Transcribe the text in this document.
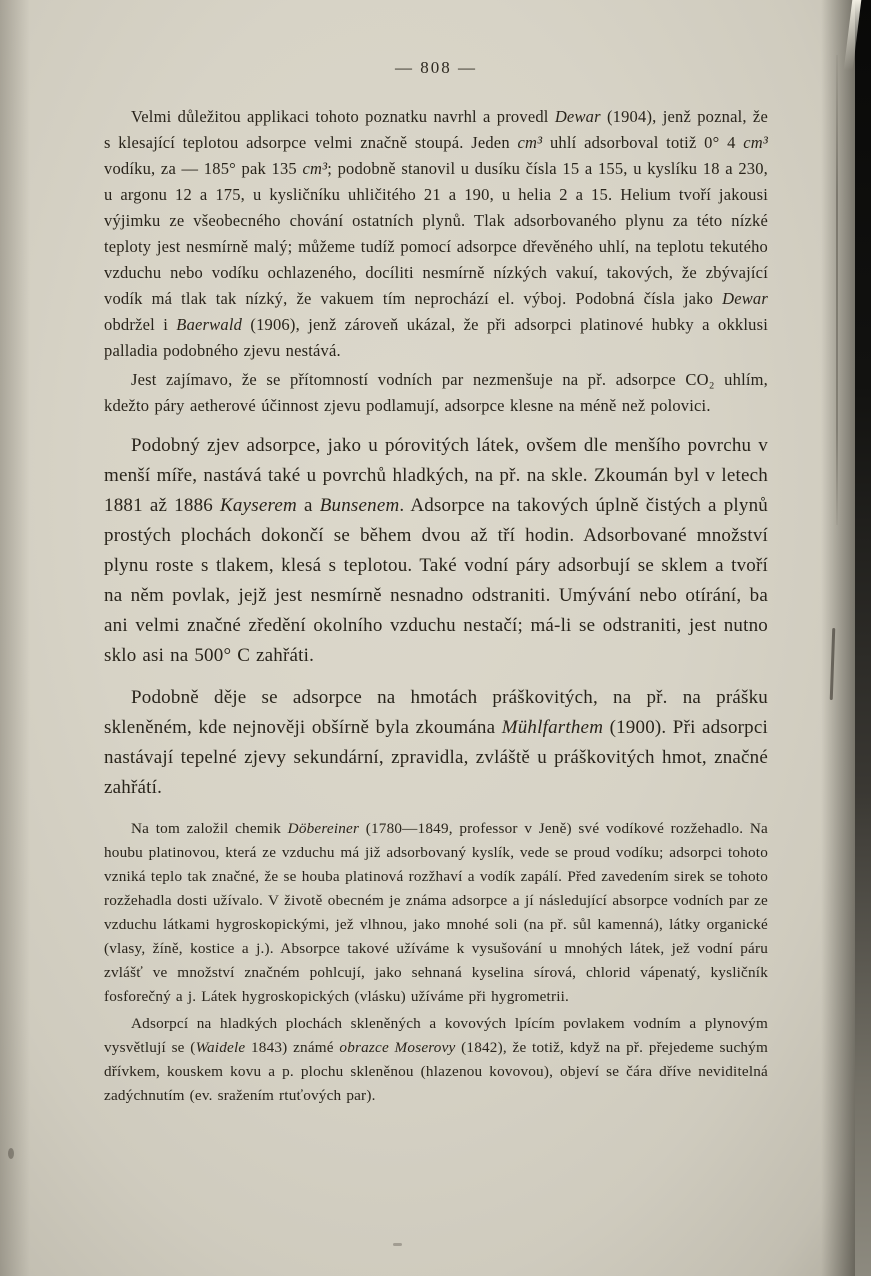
— 808 —

Velmi důležitou applikaci tohoto poznatku navrhl a provedl Dewar (1904), jenž poznal, že s klesající teplotou adsorpce velmi značně stoupá. Jeden cm³ uhlí adsorboval totiž 0° 4 cm³ vodíku, za — 185° pak 135 cm³; podobně stanovil u dusíku čísla 15 a 155, u kyslíku 18 a 230, u argonu 12 a 175, u kysličníku uhličitého 21 a 190, u helia 2 a 15. Helium tvoří jakousi výjimku ze všeobecného chování ostatních plynů. Tlak adsorbovaného plynu za této nízké teploty jest nesmírně malý; můžeme tudíž pomocí adsorpce dřevěného uhlí, na teplotu tekutého vzduchu nebo vodíku ochlazeného, docíliti nesmírně nízkých vakuí, takových, že zbývající vodík má tlak tak nízký, že vakuem tím neprochází el. výboj. Podobná čísla jako Dewar obdržel i Baerwald (1906), jenž zároveň ukázal, že při adsorpci platinové hubky a okklusi palladia podobného zjevu nestává.

Jest zajímavo, že se přítomností vodních par nezmenšuje na př. adsorpce CO₂ uhlím, kdežto páry aetherové účinnost zjevu podlamují, adsorpce klesne na méně než polovici.

Podobný zjev adsorpce, jako u pórovitých látek, ovšem dle menšího povrchu v menší míře, nastává také u povrchů hladkých, na př. na skle. Zkoumán byl v letech 1881 až 1886 Kayserem a Bunsenem. Adsorpce na takových úplně čistých a plynů prostých plochách dokončí se během dvou až tří hodin. Adsorbované množství plynu roste s tlakem, klesá s teplotou. Také vodní páry adsorbují se sklem a tvoří na něm povlak, jejž jest nesmírně nesnadno odstraniti. Umývání nebo otírání, ba ani velmi značné zředění okolního vzduchu nestačí; má-li se odstraniti, jest nutno sklo asi na 500° C zahřáti.

Podobně děje se adsorpce na hmotách práškovitých, na př. na prášku skleněném, kde nejnověji obšírně byla zkoumána Mühlfarthem (1900). Při adsorpci nastávají tepelné zjevy sekundární, zpravidla, zvláště u práškovitých hmot, značné zahřátí.

Na tom založil chemik Döbereiner (1780—1849, professor v Jeně) své vodíkové rozžehadlo. Na houbu platinovou, která ze vzduchu má již adsorbovaný kyslík, vede se proud vodíku; adsorpci tohoto vzniká teplo tak značné, že se houba platinová rozžhaví a vodík zapálí. Před zavedením sirek se tohoto rozžehadla dosti užívalo. V životě obecném je známa adsorpce a jí následující absorpce vodních par ze vzduchu látkami hygroskopickými, jež vlhnou, jako mnohé soli (na př. sůl kamenná), látky organické (vlasy, žíně, kostice a j.). Absorpce takové užíváme k vysušování u mnohých látek, jež vodní páru zvlášť ve množství značném pohlcují, jako sehnaná kyselina sírová, chlorid vápenatý, kysličník fosforečný a j. Látek hygroskopických (vlásku) užíváme při hygrometrii.

Adsorpcí na hladkých plochách skleněných a kovových lpícím povlakem vodním a plynovým vysvětlují se (Waidele 1843) známé obrazce Moserovy (1842), že totiž, když na př. přejedeme suchým dřívkem, kouskem kovu a p. plochu skleněnou (hlazenou kovovou), objeví se čára dříve neviditelná zadýchnutím (ev. sražením rtuťových par).
